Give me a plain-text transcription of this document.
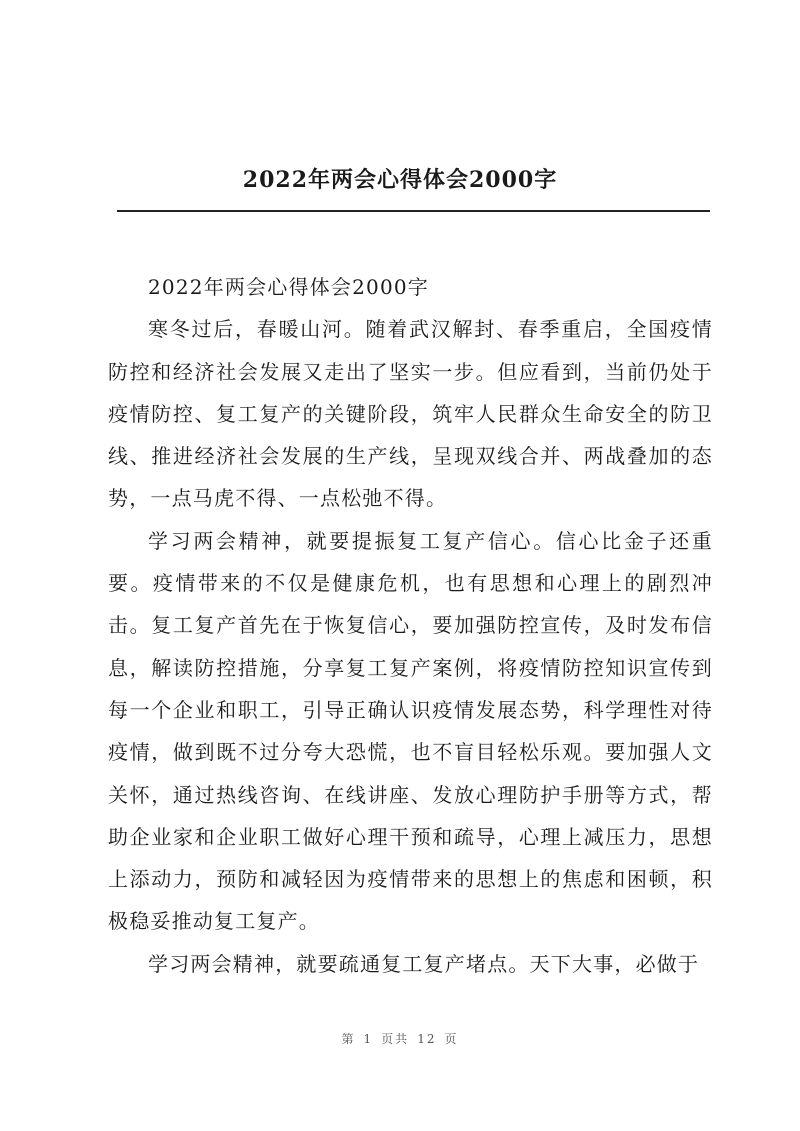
2022年两会心得体会2000字

2022年两会心得体会2000字

寒冬过后，春暖山河。随着武汉解封、春季重启，全国疫情防控和经济社会发展又走出了坚实一步。但应看到，当前仍处于疫情防控、复工复产的关键阶段，筑牢人民群众生命安全的防卫线、推进经济社会发展的生产线，呈现双线合并、两战叠加的态势，一点马虎不得、一点松弛不得。

学习两会精神，就要提振复工复产信心。信心比金子还重要。疫情带来的不仅是健康危机，也有思想和心理上的剧烈冲击。复工复产首先在于恢复信心，要加强防控宣传，及时发布信息，解读防控措施，分享复工复产案例，将疫情防控知识宣传到每一个企业和职工，引导正确认识疫情发展态势，科学理性对待疫情，做到既不过分夸大恐慌，也不盲目轻松乐观。要加强人文关怀，通过热线咨询、在线讲座、发放心理防护手册等方式，帮助企业家和企业职工做好心理干预和疏导，心理上减压力，思想上添动力，预防和减轻因为疫情带来的思想上的焦虑和困顿，积极稳妥推动复工复产。

学习两会精神，就要疏通复工复产堵点。天下大事，必做于

第 1 页共 12 页
